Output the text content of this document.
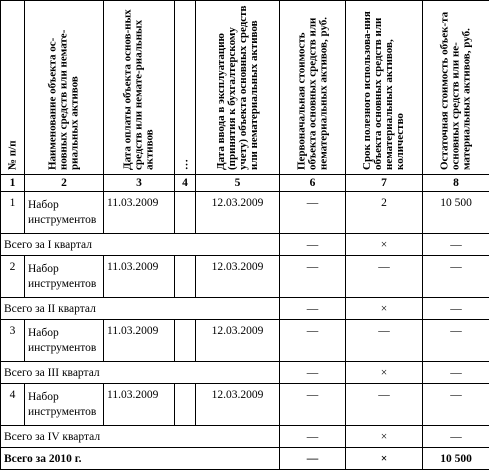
№ п/п	Наименование объекта ос-новных средств или немате-риальных активов	Дата оплаты объекта основ-ных средств или немате-риальных активов	…	Дата ввода в эксплуатацию (принятия к бухгалтерскому учету) объекта основных средств или нематериальных активов	Первоначальная стоимость объекта основных средств или нематериальных активов, руб.	Срок полезного использова-ния объекта основных средств или нематериальных активов, количество	Остаточная стоимость объек-та основных средств или не-материальных активов, руб.

1	2	3	4	5	6	7	8
1	Набор инструментов	11.03.2009		12.03.2009	—	2	10 500
Всего за I квартал					—	×	—
2	Набор инструментов	11.03.2009		12.03.2009	—	—	—
Всего за II квартал					—	×	—
3	Набор инструментов	11.03.2009		12.03.2009	—	—	—
Всего за III квартал					—	×	—
4	Набор инструментов	11.03.2009		12.03.2009	—	—	—
Всего за IV квартал					—	×	—
Всего за 2010 г.					—	×	10 500
